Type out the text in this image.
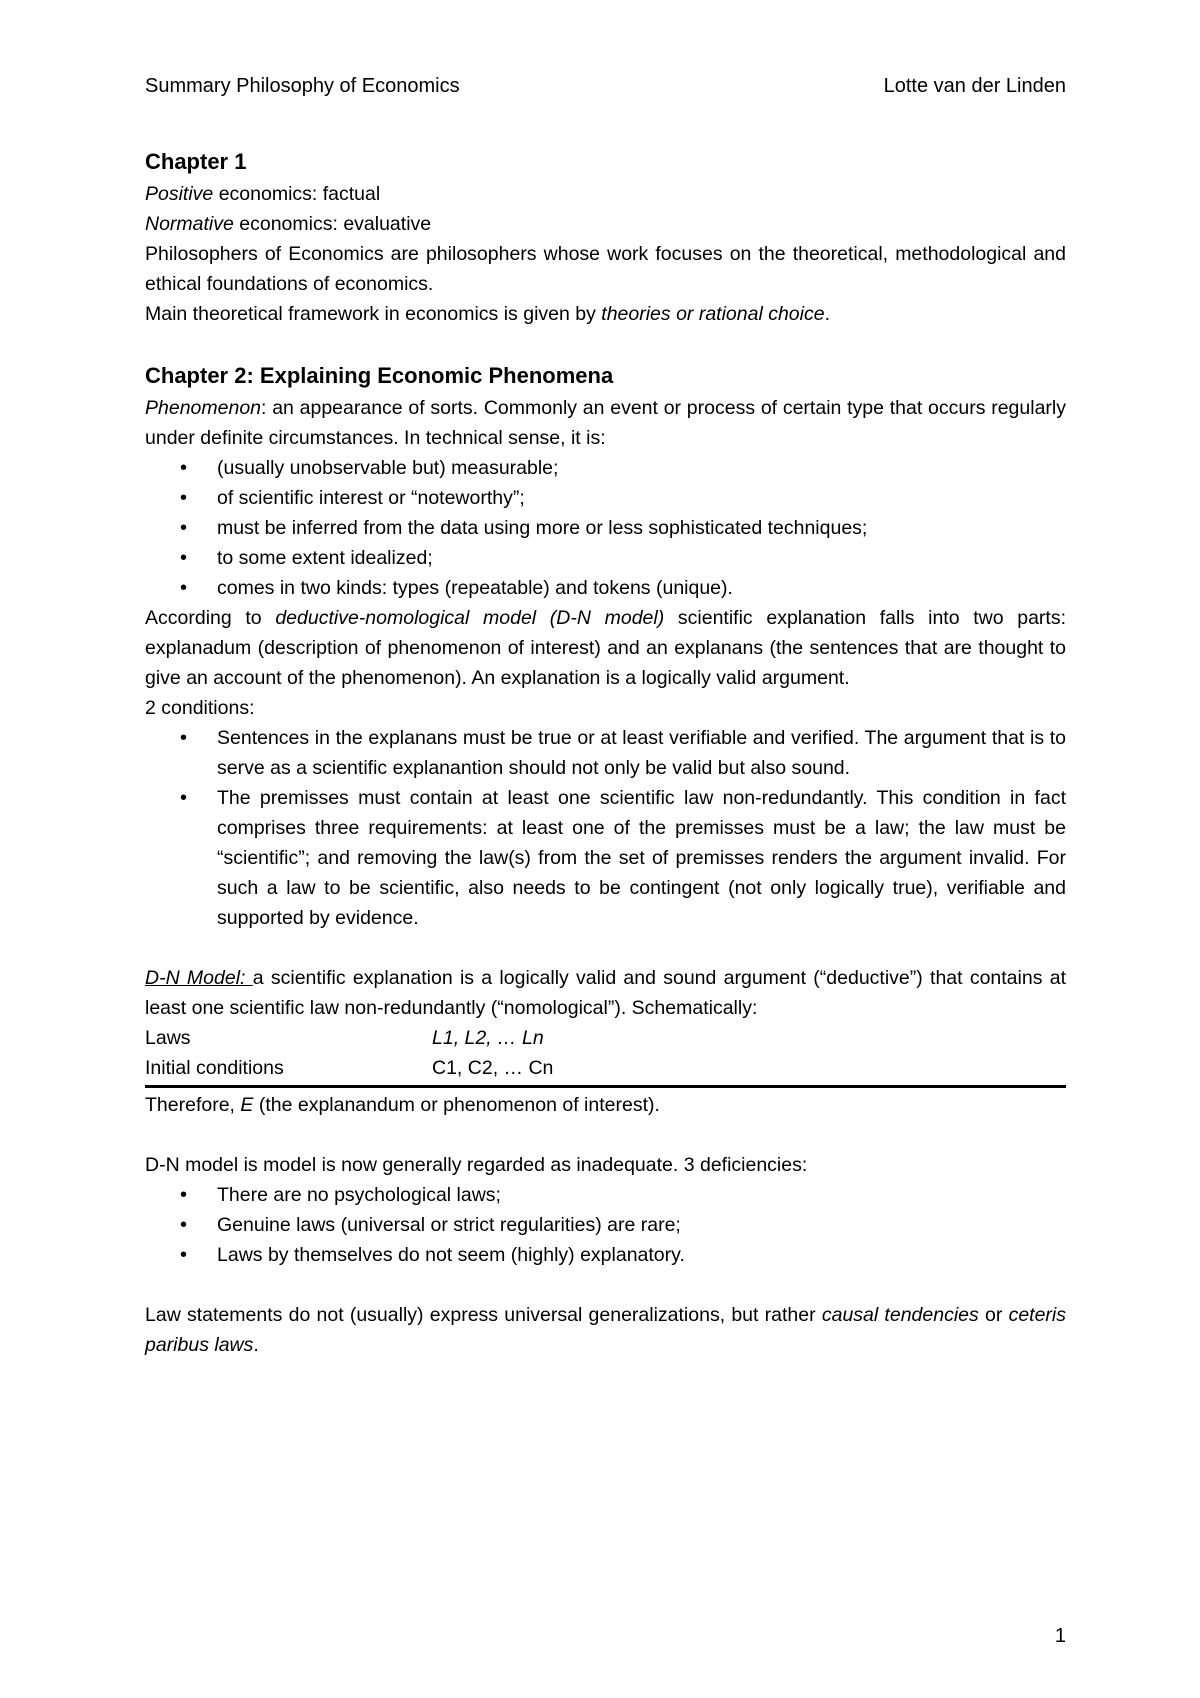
Summary Philosophy of Economics	Lotte van der Linden
Chapter 1

Positive economics: factual

Normative economics: evaluative

Philosophers of Economics are philosophers whose work focuses on the theoretical, methodological and ethical foundations of economics.

Main theoretical framework in economics is given by theories or rational choice.

Chapter 2: Explaining Economic Phenomena

Phenomenon: an appearance of sorts. Commonly an event or process of certain type that occurs regularly under definite circumstances. In technical sense, it is:

• (usually unobservable but) measurable;
• of scientific interest or “noteworthy”;
• must be inferred from the data using more or less sophisticated techniques;
• to some extent idealized;
• comes in two kinds: types (repeatable) and tokens (unique).

According to deductive-nomological model (D-N model) scientific explanation falls into two parts: explanadum (description of phenomenon of interest) and an explanans (the sentences that are thought to give an account of the phenomenon). An explanation is a logically valid argument.

2 conditions:

• Sentences in the explanans must be true or at least verifiable and verified. The argument that is to serve as a scientific explanantion should not only be valid but also sound.
• The premisses must contain at least one scientific law non-redundantly. This condition in fact comprises three requirements: at least one of the premisses must be a law; the law must be “scientific”; and removing the law(s) from the set of premisses renders the argument invalid. For such a law to be scientific, also needs to be contingent (not only logically true), verifiable and supported by evidence.

D-N Model: a scientific explanation is a logically valid and sound argument (“deductive”) that contains at least one scientific law non-redundantly (“nomological”). Schematically:

Laws	L1, L2, … Ln
Initial conditions	C1, C2, … Cn

Therefore, E (the explanandum or phenomenon of interest).

D-N model is model is now generally regarded as inadequate. 3 deficiencies:

• There are no psychological laws;
• Genuine laws (universal or strict regularities) are rare;
• Laws by themselves do not seem (highly) explanatory.

Law statements do not (usually) express universal generalizations, but rather causal tendencies or ceteris paribus laws.

1
